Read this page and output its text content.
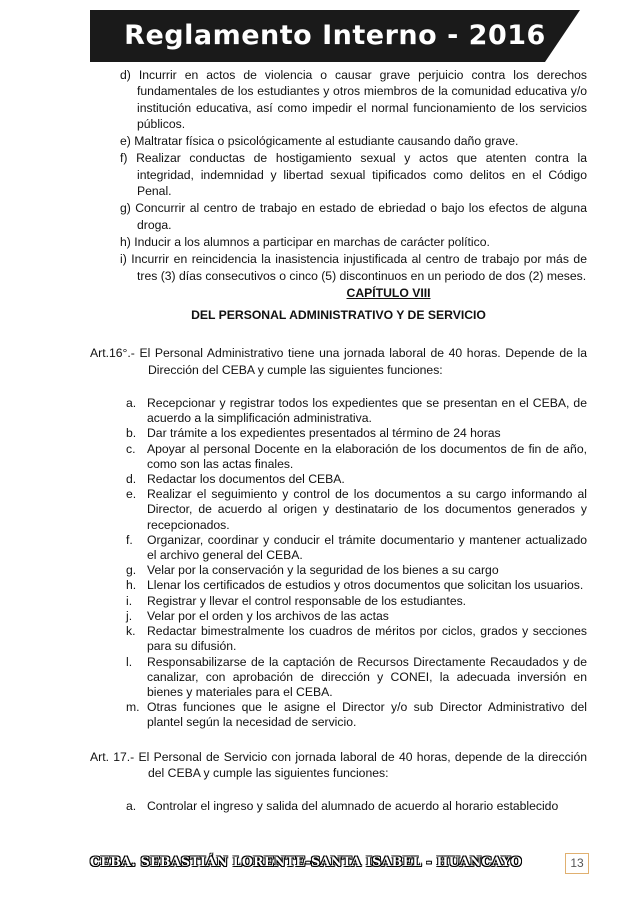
Reglamento Interno - 2016

d) Incurrir en actos de violencia o causar grave perjuicio contra los derechos fundamentales de los estudiantes y otros miembros de la comunidad educativa y/o institución educativa, así como impedir el normal funcionamiento de los servicios públicos.

e) Maltratar física o psicológicamente al estudiante causando daño grave.

f) Realizar conductas de hostigamiento sexual y actos que atenten contra la integridad, indemnidad y libertad sexual tipificados como delitos en el Código Penal.

g) Concurrir al centro de trabajo en estado de ebriedad o bajo los efectos de alguna droga.

h) Inducir a los alumnos a participar en marchas de carácter político.

i) Incurrir en reincidencia la inasistencia injustificada al centro de trabajo por más de tres (3) días consecutivos o cinco (5) discontinuos en un periodo de dos (2) meses.

CAPÍTULO VIII

DEL PERSONAL ADMINISTRATIVO Y DE SERVICIO

Art.16°.- El Personal Administrativo tiene una jornada laboral de 40 horas. Depende de la Dirección del CEBA y cumple las siguientes funciones:

a. Recepcionar y registrar todos los expedientes que se presentan en el CEBA, de acuerdo a la simplificación administrativa.
b. Dar trámite a los expedientes presentados al término de 24 horas
c. Apoyar al personal Docente en la elaboración de los documentos de fin de año, como son las actas finales.
d. Redactar los documentos del CEBA.
e. Realizar el seguimiento y control de los documentos a su cargo informando al Director, de acuerdo al origen y destinatario de los documentos generados y recepcionados.
f.	Organizar, coordinar y conducir el trámite documentario y mantener actualizado el archivo general del CEBA.
g. Velar por la conservación y la seguridad de los bienes a su cargo
h. Llenar los certificados de estudios y otros documentos que solicitan los usuarios.
i.	Registrar y llevar el control responsable de los estudiantes.
j.	Velar por el orden y los archivos de las actas
k. Redactar bimestralmente los cuadros de méritos por ciclos, grados y secciones para su difusión.
l.	Responsabilizarse de la captación de Recursos Directamente Recaudados y de canalizar, con aprobación de dirección y CONEI, la adecuada inversión en bienes y materiales para el CEBA.
m. Otras funciones que le asigne el Director y/o sub Director Administrativo del plantel según la necesidad de servicio.

Art. 17.- El Personal de Servicio con jornada laboral de 40 horas, depende de la dirección del CEBA y cumple las siguientes funciones:

a. Controlar el ingreso y salida del alumnado de acuerdo al horario establecido
CEBA. SEBASTIÁN LORENTE-SANTA ISABEL - HUANCAYO	13
